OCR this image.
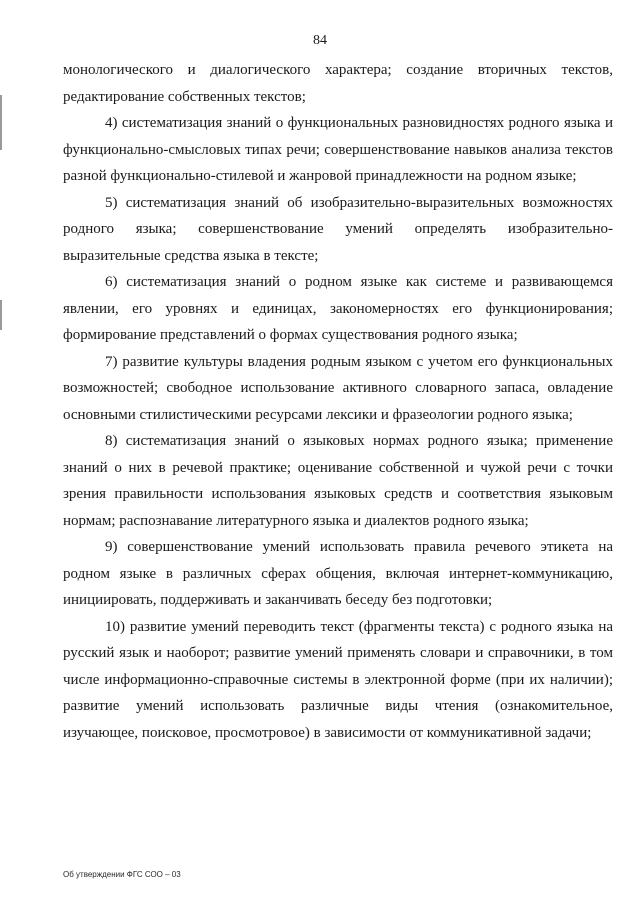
84

монологического и диалогического характера; создание вторичных текстов, редактирование собственных текстов;

4) систематизация знаний о функциональных разновидностях родного языка и функционально-смысловых типах речи; совершенствование навыков анализа текстов разной функционально-стилевой и жанровой принадлежности на родном языке;

5) систематизация знаний об изобразительно-выразительных возможностях родного языка; совершенствование умений определять изобразительно-выразительные средства языка в тексте;

6) систематизация знаний о родном языке как системе и развивающемся явлении, его уровнях и единицах, закономерностях его функционирования; формирование представлений о формах существования родного языка;

7) развитие культуры владения родным языком с учетом его функциональных возможностей; свободное использование активного словарного запаса, овладение основными стилистическими ресурсами лексики и фразеологии родного языка;

8) систематизация знаний о языковых нормах родного языка; применение знаний о них в речевой практике; оценивание собственной и чужой речи с точки зрения правильности использования языковых средств и соответствия языковым нормам; распознавание литературного языка и диалектов родного языка;

9) совершенствование умений использовать правила речевого этикета на родном языке в различных сферах общения, включая интернет-коммуникацию, инициировать, поддерживать и заканчивать беседу без подготовки;

10) развитие умений переводить текст (фрагменты текста) с родного языка на русский язык и наоборот; развитие умений применять словари и справочники, в том числе информационно-справочные системы в электронной форме (при их наличии); развитие умений использовать различные виды чтения (ознакомительное, изучающее, поисковое, просмотровое) в зависимости от коммуникативной задачи;

Об утверждении ФГС СОО – 03
